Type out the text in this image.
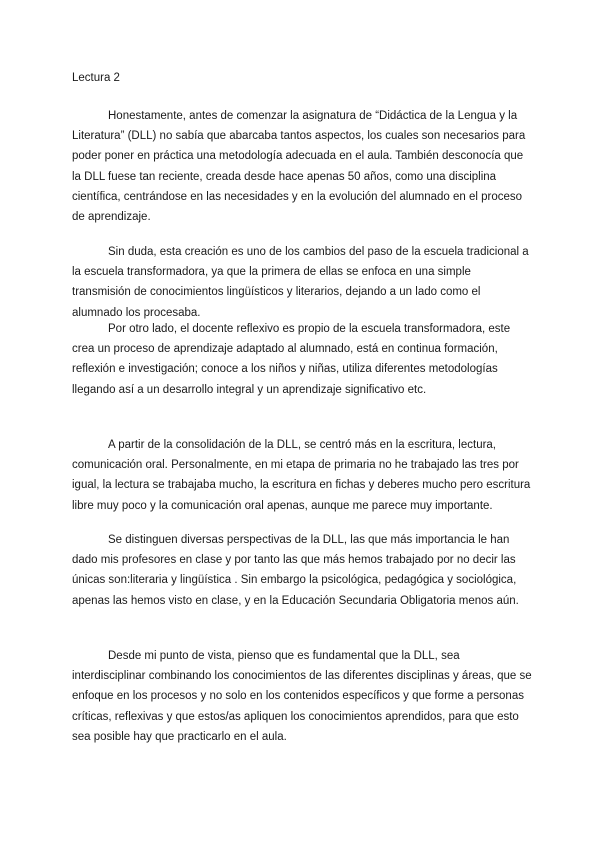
Lectura 2

Honestamente, antes de comenzar la asignatura de “Didáctica de la Lengua y la Literatura” (DLL) no sabía que abarcaba tantos aspectos, los cuales son necesarios para poder poner en práctica una metodología adecuada en el aula. También desconocía que la DLL fuese tan reciente, creada desde hace apenas 50 años, como una disciplina científica, centrándose en las necesidades y en la evolución del alumnado en el proceso de aprendizaje.

Sin duda, esta creación es uno de los cambios del paso de la escuela tradicional a la escuela transformadora, ya que la primera de ellas se enfoca en una simple transmisión de conocimientos lingüísticos y literarios, dejando a un lado como el alumnado los procesaba.

Por otro lado, el docente reflexivo es propio de la escuela transformadora, este crea un proceso de aprendizaje adaptado al alumnado, está en continua formación, reflexión e investigación; conoce a los niños y niñas, utiliza diferentes metodologías llegando así a un desarrollo integral y un aprendizaje significativo etc.

A partir de la consolidación de la DLL, se centró más en la escritura, lectura, comunicación oral. Personalmente, en mi etapa de primaria no he trabajado las tres por igual, la lectura se trabajaba mucho, la escritura en fichas y deberes mucho pero escritura libre muy poco y la comunicación oral apenas, aunque me parece muy importante.

Se distinguen diversas perspectivas de la DLL, las que más importancia le han dado mis profesores en clase y por tanto las que más hemos trabajado por no decir las únicas son:literaria y lingüística . Sin embargo la psicológica, pedagógica y sociológica, apenas las hemos visto en clase, y en la Educación Secundaria Obligatoria menos aún.

Desde mi punto de vista, pienso que es fundamental que la DLL, sea interdisciplinar combinando los conocimientos de las diferentes disciplinas y áreas, que se enfoque en los procesos y no solo en los contenidos específicos y que forme a personas críticas, reflexivas y que estos/as apliquen los conocimientos aprendidos, para que esto sea posible hay que practicarlo en el aula.
